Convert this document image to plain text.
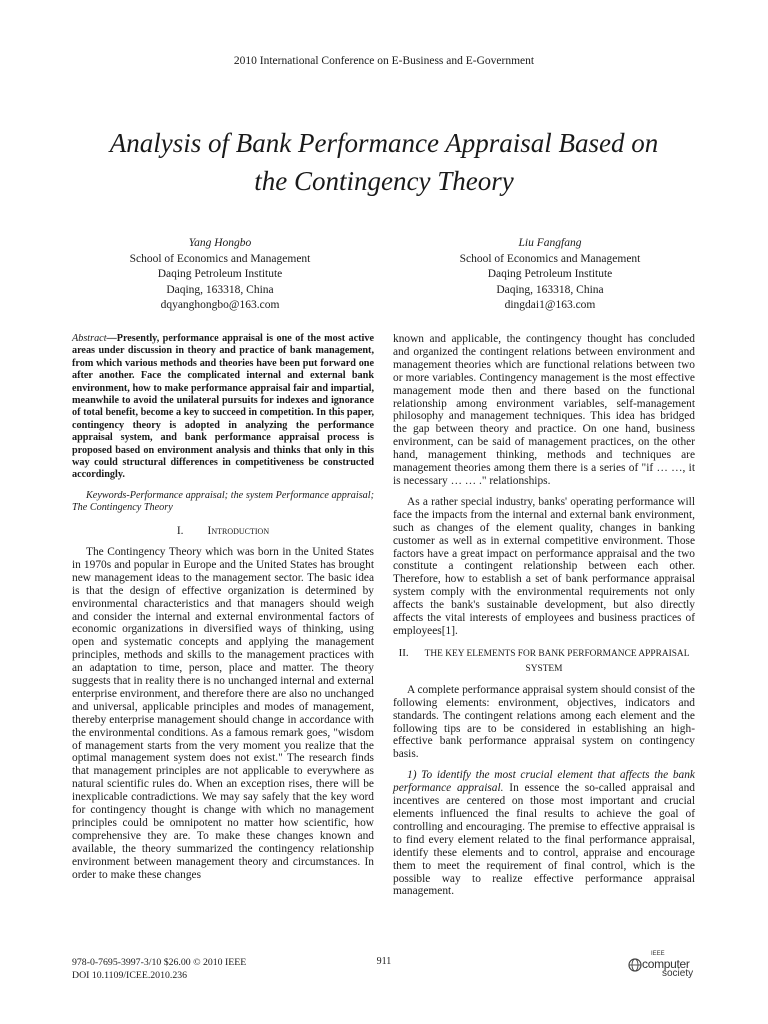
2010 International Conference on E-Business and E-Government
Analysis of Bank Performance Appraisal Based on
the Contingency Theory
Yang Hongbo
School of Economics and Management
Daqing Petroleum Institute
Daqing, 163318, China
dqyanghongbo@163.com
Liu Fangfang
School of Economics and Management
Daqing Petroleum Institute
Daqing, 163318, China
dingdai1@163.com

Abstract—Presently, performance appraisal is one of the most active areas under discussion in theory and practice of bank management, from which various methods and theories have been put forward one after another. Face the complicated internal and external bank environment, how to make performance appraisal fair and impartial, meanwhile to avoid the unilateral pursuits for indexes and ignorance of total benefit, become a key to succeed in competition. In this paper, contingency theory is adopted in analyzing the performance appraisal system, and bank performance appraisal process is proposed based on environment analysis and thinks that only in this way could structural differences in competitiveness be constructed accordingly.

Keywords-Performance appraisal; the system Performance appraisal; The Contingency Theory

I. Introduction

The Contingency Theory which was born in the United States in 1970s and popular in Europe and the United States has brought new management ideas to the management sector. The basic idea is that the design of effective organization is determined by environmental characteristics and that managers should weigh and consider the internal and external environmental factors of economic organizations in diversified ways of thinking, using open and systematic concepts and applying the management principles, methods and skills to the management practices with an adaptation to time, person, place and matter. The theory suggests that in reality there is no unchanged internal and external enterprise environment, and therefore there are also no unchanged and universal, applicable principles and modes of management, thereby enterprise management should change in accordance with the environmental conditions. As a famous remark goes, "wisdom of management starts from the very moment you realize that the optimal management system does not exist." The research finds that management principles are not applicable to everywhere as natural scientific rules do. When an exception rises, there will be inexplicable contradictions. We may say safely that the key word for contingency thought is change with which no management principles could be omnipotent no matter how scientific, how comprehensive they are. To make these changes known and available, the theory summarized the contingency relationship environment between management theory and circumstances. In order to make these changes

known and applicable, the contingency thought has concluded and organized the contingent relations between environment and management theories which are functional relations between two or more variables. Contingency management is the most effective management mode then and there based on the functional relationship among environment variables, self-management philosophy and management techniques. This idea has bridged the gap between theory and practice. On one hand, business environment, can be said of management practices, on the other hand, management thinking, methods and techniques are management theories among them there is a series of "if … …, it is necessary … … ." relationships.

As a rather special industry, banks' operating performance will face the impacts from the internal and external bank environment, such as changes of the element quality, changes in banking customer as well as in external competitive environment. Those factors have a great impact on performance appraisal and the two constitute a contingent relationship between each other. Therefore, how to establish a set of bank performance appraisal system comply with the environmental requirements not only affects the bank's sustainable development, but also directly affects the vital interests of employees and business practices of employees[1].

II. THE KEY ELEMENTS FOR BANK PERFORMANCE APPRAISAL SYSTEM

A complete performance appraisal system should consist of the following elements: environment, objectives, indicators and standards. The contingent relations among each element and the following tips are to be considered in establishing an high-effective bank performance appraisal system on contingency basis.

1) To identify the most crucial element that affects the bank performance appraisal. In essence the so-called appraisal and incentives are centered on those most important and crucial elements influenced the final results to achieve the goal of controlling and encouraging. The premise to effective appraisal is to find every element related to the final performance appraisal, identify these elements and to control, appraise and encourage them to meet the requirement of final control, which is the possible way to realize effective performance appraisal management.

978-0-7695-3997-3/10 $26.00 © 2010 IEEE
DOI 10.1109/ICEE.2010.236
911
IEEE
computer
society
